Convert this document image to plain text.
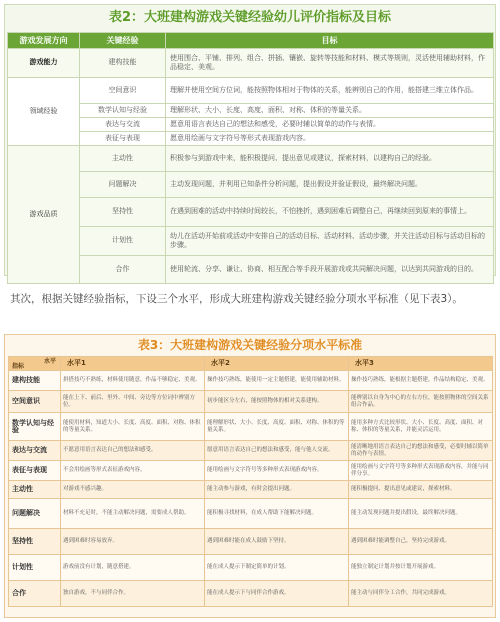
表2：大班建构游戏关键经验幼儿评价指标及目标
游戏发展方向	关键经验	目标
游戏能力	建构技能	使用围合、平铺、排列、组合、拼插、镶嵌、旋转等技能和材料、模式等规则，灵活使用辅助材料，作品稳定、美观。
领域经验	空间意识	理解并使用空间方位词，能按照物体相对于物体的关系，能辨别自己的作用，能搭建三维立体作品。
	数学认知与经验	理解形状、大小、长度、高度、面积、对称、体积的等量关系。
	表达与交流	愿意用语言表达自己的想法和感受，必要时辅以简单的动作与表情。
	表征与表现	愿意用绘画与文字符号等形式表现游戏内容。
游戏品质	主动性	积极参与到游戏中来，能积极提问、提出意见或建议，探索材料，以建构自己的经验。
	问题解决	主动发现问题，并利用已知条件分析问题，提出假设并验证假设，最终解决问题。
	坚持性	在遇到困难的活动中持续时间较长，不怕挫折，遇到困难后调整自己，再继续回到原来的事情上。
	计划性	幼儿在活动开始前或活动中安排自己的活动目标、活动材料、活动步骤，并关注活动目标与活动目标的步骤。
	合作	使用轮流、分享、谦让、协商、相互配合等手段开展游戏或共同解决问题，以达到共同游戏的目的。

其次，根据关键经验指标，下设三个水平，形成大班建构游戏关键经验分项水平标准（见下表3）。

表3：大班建构游戏关键经验分项水平标准
水平
指标	水平1	水平2	水平3
建构技能	拼搭技巧不熟练，材料使用随意，作品不够稳定、美观。	操作技巧熟练，能使用一定主题搭建，能使用辅助材料。	操作技巧熟练，能根据主题搭建，作品结构稳定、美观。
空间意识	能在上下、前后、里外、中间、旁边等方位词中辨别方位。	初步能区分左右，能按照物体的相对关系建构。	能辨别以自身为中心的左右方位，能按照物体的空间关系组合作品。
数学认知与经验	能使用材料，知道大小、长度、高度、面积、对称、体积的等量关系。	能理解形状、大小、长度、高度、面积、对称、体积的等量关系。	能用多种方式比较形状、大小、长度、高度、面积、对称、体积的等量关系，并能灵活运用。
表达与交流	不愿意用语言表达自己的想法和感受。	愿意用语言表达自己的想法和感受，能与他人交流。	能清晰地用语言表达自己的想法和感受，必要时辅以简单的动作与表情。
表征与表现	不会用绘画等形式表征游戏内容。	能用绘画与文字符号等多种形式表现游戏内容。	能用绘画与文字符号等多种形式表现游戏内容，并能与同伴分享。
主动性	对游戏不感兴趣。	能主动参与游戏，有时会提出问题。	能积极提问、提出意见或建议，探索材料。
问题解决	材料不充足时，不能主动解决问题，需要成人帮助。	能积极寻找材料，在成人帮助下能解决问题。	能主动发现问题并提出假设，最终解决问题。
坚持性	遇到困难时容易放弃。	遇到困难时能在成人鼓励下坚持。	遇到困难时能调整自己，坚持完成游戏。
计划性	游戏前没有计划，随意搭建。	能在成人提示下制定简单的计划。	能独立制定计划并按计划开展游戏。
合作	独自游戏，不与同伴合作。	能在成人提示下与同伴合作游戏。	能主动与同伴分工合作，共同完成游戏。
